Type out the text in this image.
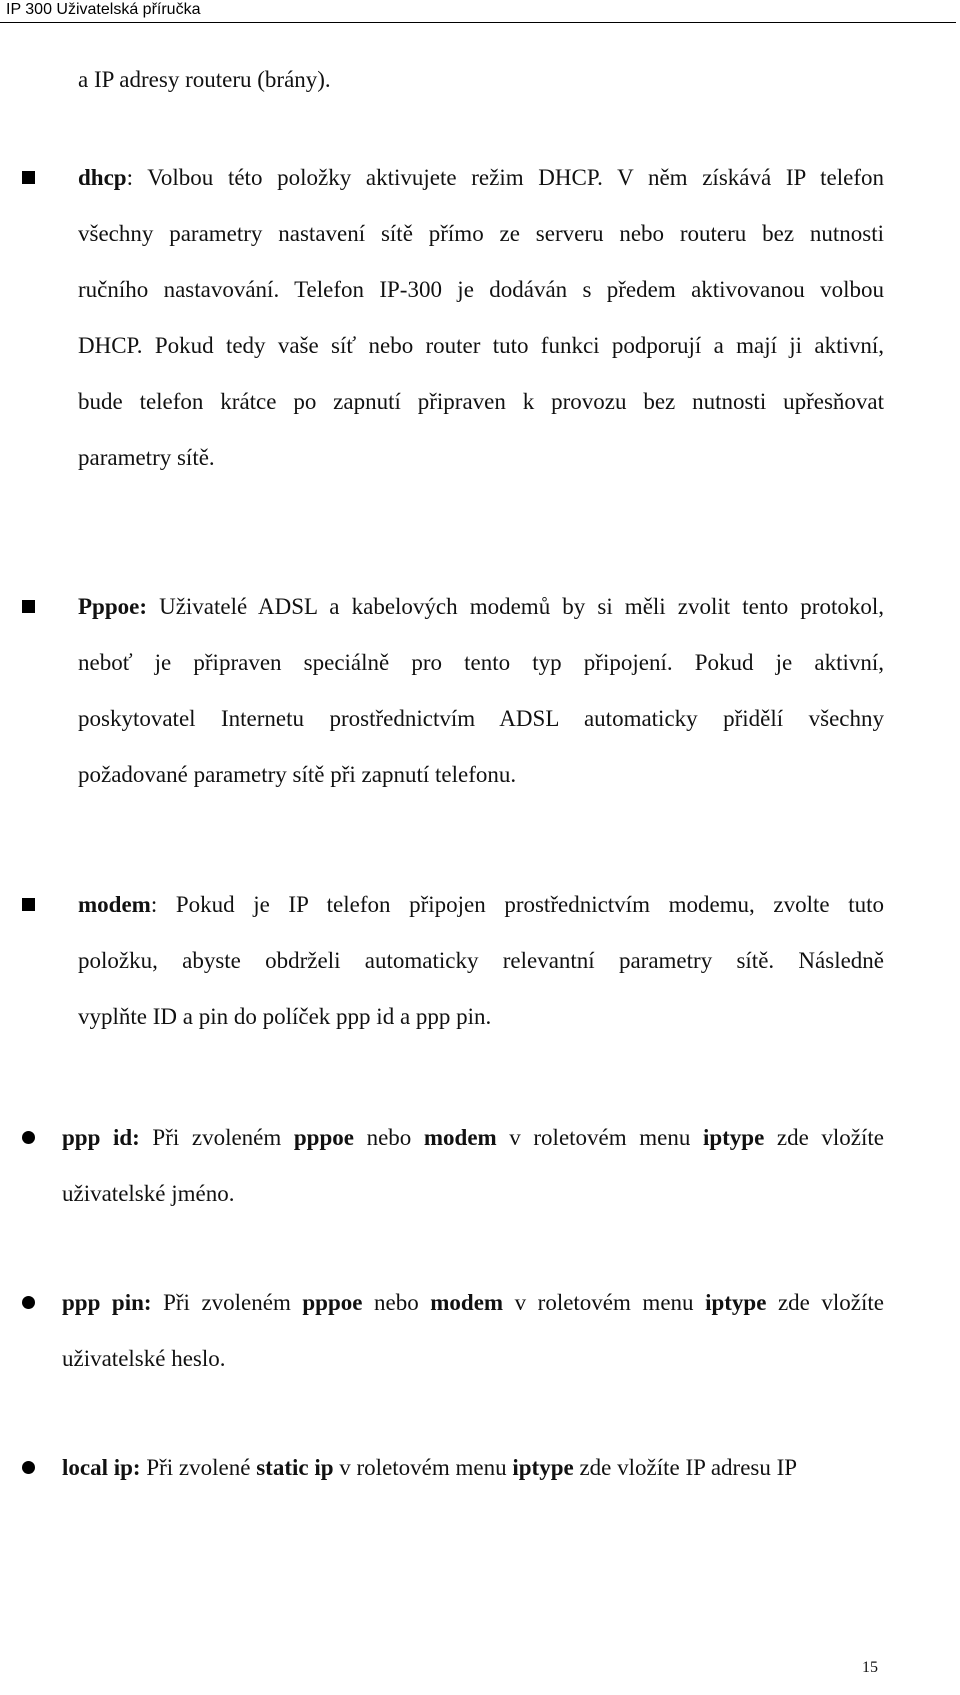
IP 300 Uživatelská příručka
a IP adresy routeru (brány).
dhcp: Volbou této položky aktivujete režim DHCP. V něm získává IP telefon
všechny parametry nastavení sítě přímo ze serveru nebo routeru bez nutnosti
ručního nastavování. Telefon IP-300 je dodáván s předem aktivovanou volbou
DHCP. Pokud tedy vaše síť nebo router tuto funkci podporují a mají ji aktivní,
bude telefon krátce po zapnutí připraven k provozu bez nutnosti upřesňovat
parametry sítě.
Pppoe: Uživatelé ADSL a kabelových modemů by si měli zvolit tento protokol,
neboť je připraven speciálně pro tento typ připojení. Pokud je aktivní,
poskytovatel Internetu prostřednictvím ADSL automaticky přidělí všechny
požadované parametry sítě při zapnutí telefonu.
modem: Pokud je IP telefon připojen prostřednictvím modemu, zvolte tuto
položku, abyste obdrželi automaticky relevantní parametry sítě. Následně
vyplňte ID a pin do políček ppp id a ppp pin.
ppp id: Při zvoleném pppoe nebo modem v roletovém menu iptype zde vložíte
uživatelské jméno.
ppp pin: Při zvoleném pppoe nebo modem v roletovém menu iptype zde vložíte
uživatelské heslo.
local ip: Při zvolené static ip v roletovém menu iptype zde vložíte IP adresu IP
15
